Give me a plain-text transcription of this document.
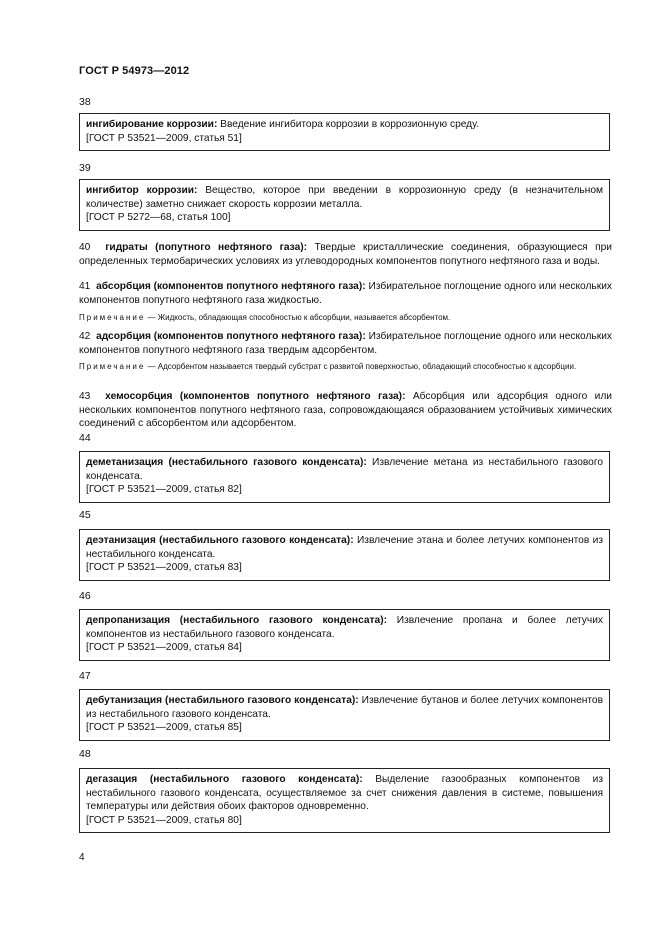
ГОСТ Р 54973—2012
38
ингибирование коррозии: Введение ингибитора коррозии в коррозионную среду.
[ГОСТ Р 53521—2009, статья 51]
39
ингибитор коррозии: Вещество, которое при введении в коррозионную среду (в незначительном количестве) заметно снижает скорость коррозии металла.
[ГОСТ Р 5272—68, статья 100]
40 гидраты (попутного нефтяного газа): Твердые кристаллические соединения, образующиеся при определенных термобарических условиях из углеводородных компонентов попутного нефтяного газа и воды.
41 абсорбция (компонентов попутного нефтяного газа): Избирательное поглощение одного или нескольких компонентов попутного нефтяного газа жидкостью.
Примечание — Жидкость, обладающая способностью к абсорбции, называется абсорбентом.
42 адсорбция (компонентов попутного нефтяного газа): Избирательное поглощение одного или нескольких компонентов попутного нефтяного газа твердым адсорбентом.
Примечание — Адсорбентом называется твердый субстрат с развитой поверхностью, обладающий способностью к адсорбции.
43 хемосорбция (компонентов попутного нефтяного газа): Абсорбция или адсорбция одного или нескольких компонентов попутного нефтяного газа, сопровождающаяся образованием устойчивых химических соединений с абсорбентом или адсорбентом.
44
деметанизация (нестабильного газового конденсата): Извлечение метана из нестабильного газового конденсата.
[ГОСТ Р 53521—2009, статья 82]
45
деэтанизация (нестабильного газового конденсата): Извлечение этана и более летучих компонентов из нестабильного конденсата.
[ГОСТ Р 53521—2009, статья 83]
46
депропанизация (нестабильного газового конденсата): Извлечение пропана и более летучих компонентов из нестабильного газового конденсата.
[ГОСТ Р 53521—2009, статья 84]
47
дебутанизация (нестабильного газового конденсата): Извлечение бутанов и более летучих компонентов из нестабильного газового конденсата.
[ГОСТ Р 53521—2009, статья 85]
48
дегазация (нестабильного газового конденсата): Выделение газообразных компонентов из нестабильного газового конденсата, осуществляемое за счет снижения давления в системе, повышения температуры или действия обоих факторов одновременно.
[ГОСТ Р 53521—2009, статья 80]
4
